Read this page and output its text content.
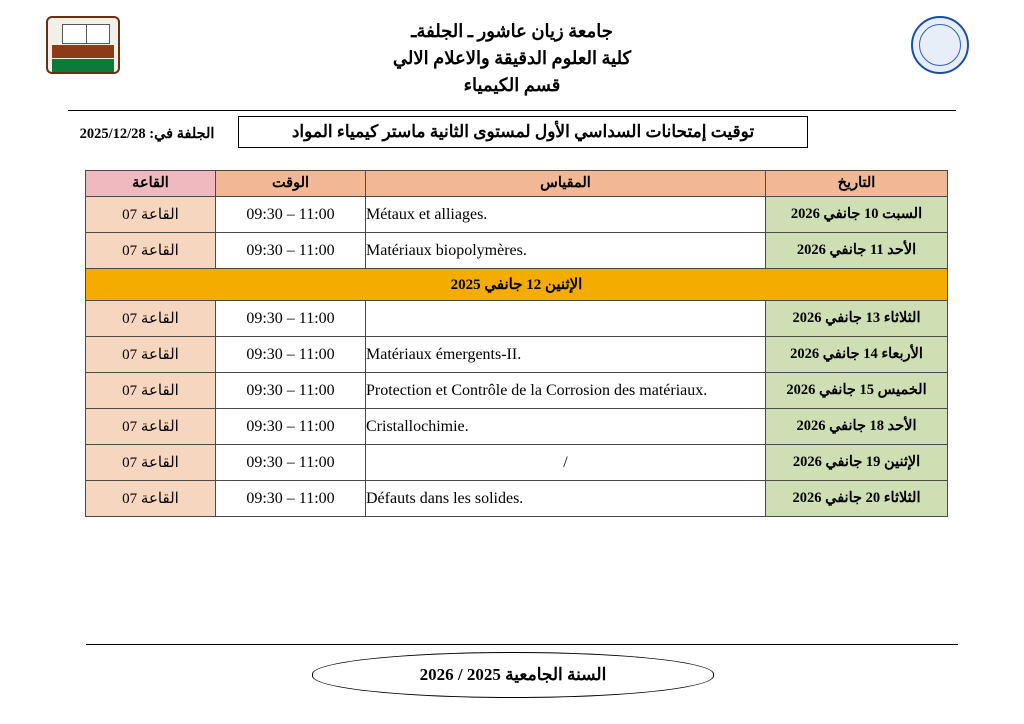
جامعة زيان عاشور ـ الجلفةـ
كلية العلوم الدقيقة والاعلام الالي
قسم الكيمياء
توقيت إمتحانات السداسي الأول لمستوى الثانية ماستر كيمياء المواد
الجلفة في: 2025/12/28
التاريخ	المقياس	الوقت	القاعة
السبت 10 جانفي 2026	Métaux et alliages.	09:30 – 11:00	القاعة 07
الأحد 11 جانفي 2026	Matériaux biopolymères.	09:30 – 11:00	القاعة 07
الإثنين 12 جانفي 2025			
الثلاثاء 13 جانفي 2026		09:30 – 11:00	القاعة 07
الأربعاء 14 جانفي 2026	Matériaux émergents-II.	09:30 – 11:00	القاعة 07
الخميس 15 جانفي 2026	Protection et Contrôle de la Corrosion des matériaux.	09:30 – 11:00	القاعة 07
الأحد 18 جانفي 2026	Cristallochimie.	09:30 – 11:00	القاعة 07
الإثنين 19 جانفي 2026	/	09:30 – 11:00	القاعة 07
الثلاثاء 20 جانفي 2026	Défauts dans les solides.	09:30 – 11:00	القاعة 07
السنة الجامعية 2025 / 2026
